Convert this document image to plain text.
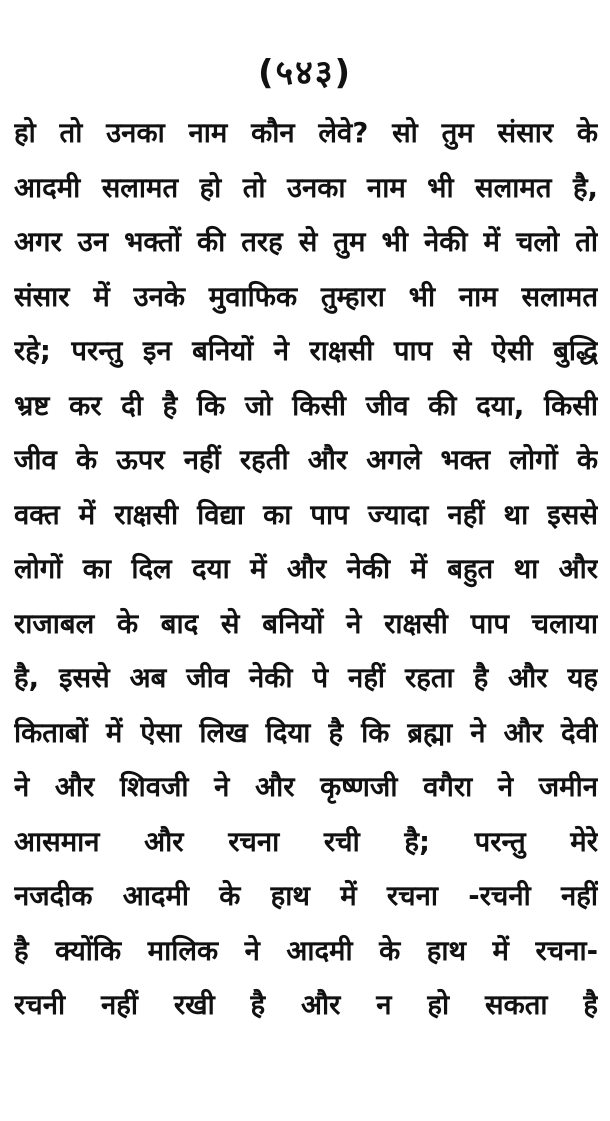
(५४३)
हो तो उनका नाम कौन लेवे? सो तुम संसार के
आदमी सलामत हो तो उनका नाम भी सलामत है,
अगर उन भक्तों की तरह से तुम भी नेकी में चलो तो
संसार में उनके मुवाफिक तुम्हारा भी नाम सलामत
रहे; परन्तु इन बनियों ने राक्षसी पाप से ऐसी बुद्धि
भ्रष्ट कर दी है कि जो किसी जीव की दया, किसी
जीव के ऊपर नहीं रहती और अगले भक्त लोगों के
वक्त में राक्षसी विद्या का पाप ज्यादा नहीं था इससे
लोगों का दिल दया में और नेकी में बहुत था और
राजाबल के बाद से बनियों ने राक्षसी पाप चलाया
है, इससे अब जीव नेकी पे नहीं रहता है और यह
किताबों में ऐसा लिख दिया है कि ब्रह्मा ने और देवी
ने और शिवजी ने और कृष्णजी वगैरा ने जमीन
आसमान और रचना रची है; परन्तु मेरे
नजदीक आदमी के हाथ में रचना -रचनी नहीं
है क्योंकि मालिक ने आदमी के हाथ में रचना-
रचनी नहीं रखी है और न हो सकता है
